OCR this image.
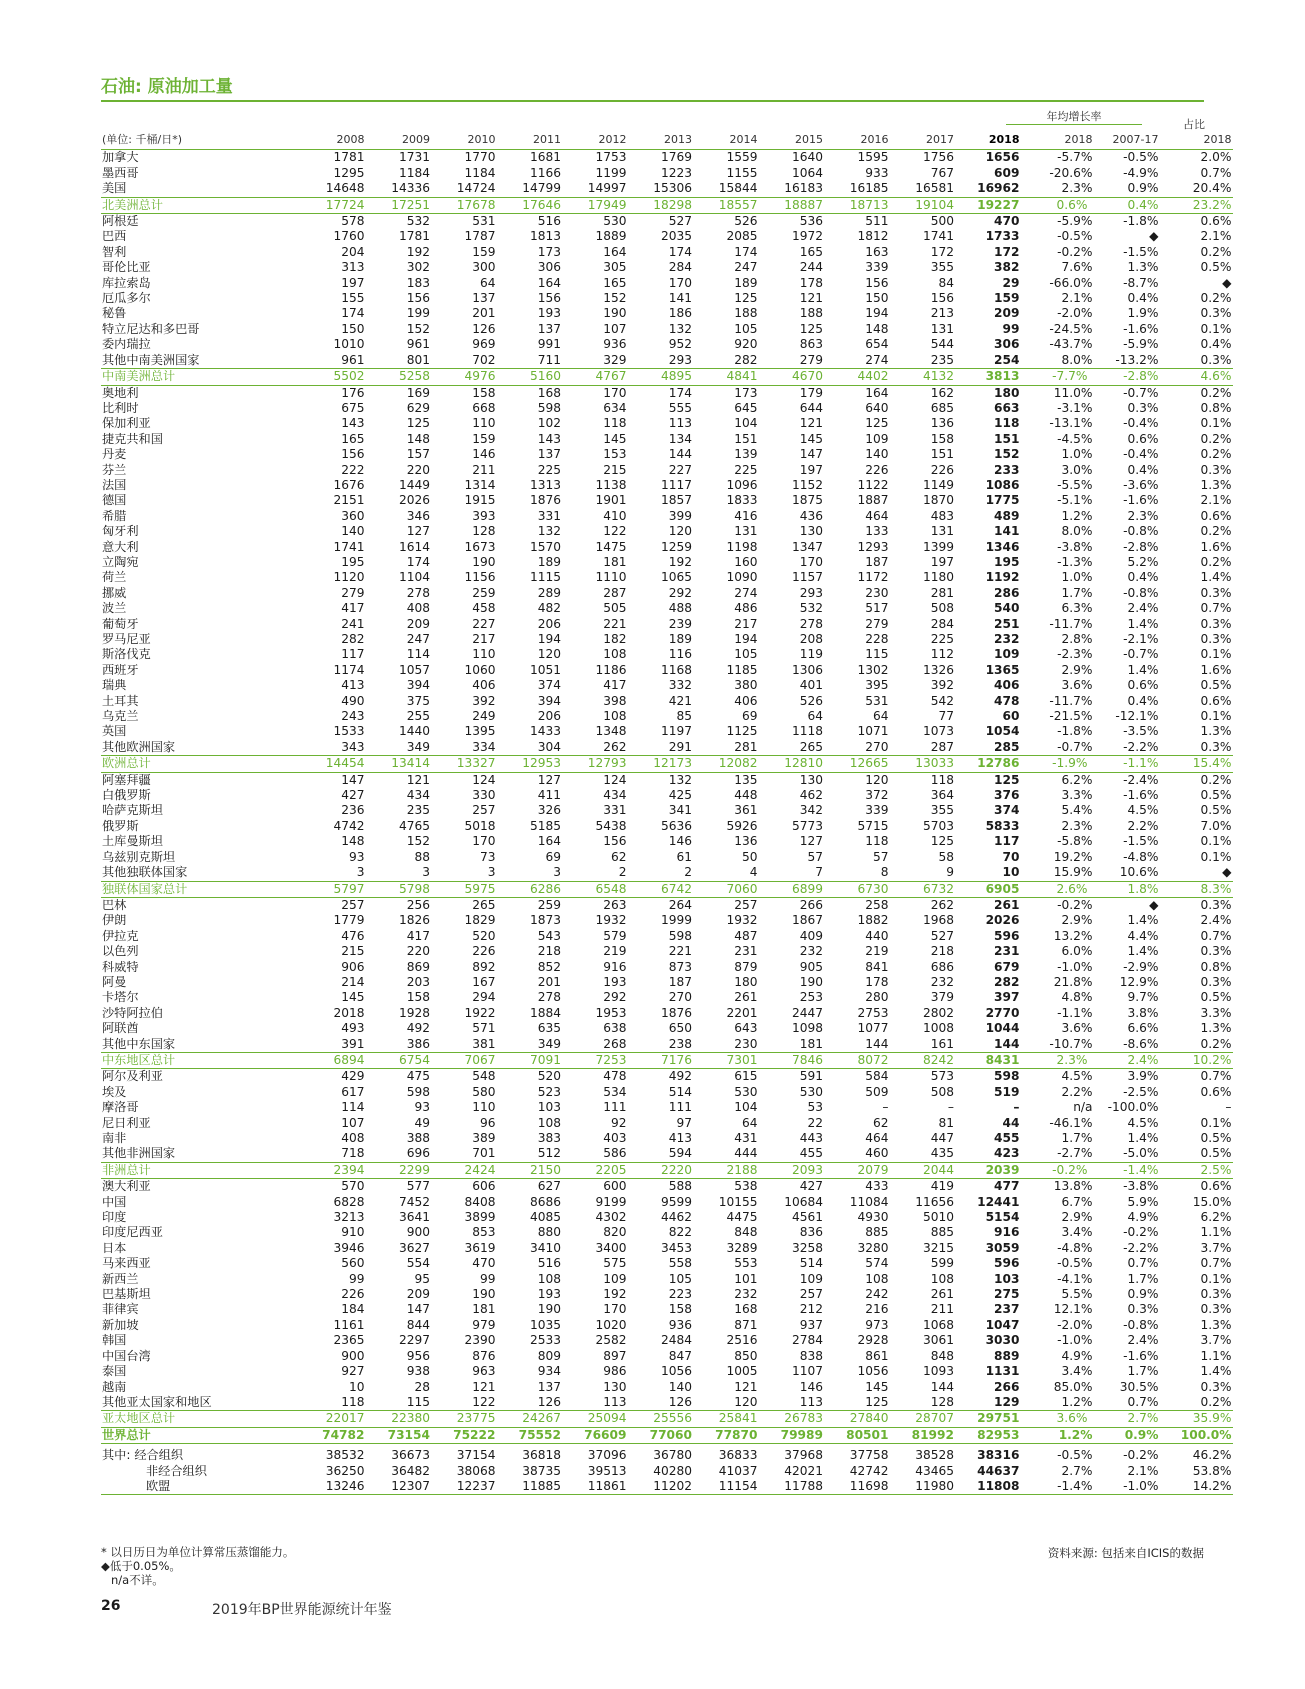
石油: 原油加工量
年均增长率
占比
(单位: 千桶/日*)	2008	2009	2010	2011	2012	2013	2014	2015	2016	2017	2018	2018	2007-17	2018
加拿大	1781	1731	1770	1681	1753	1769	1559	1640	1595	1756	1656	-5.7%	-0.5%	2.0%
墨西哥	1295	1184	1184	1166	1199	1223	1155	1064	933	767	609	-20.6%	-4.9%	0.7%
美国	14648	14336	14724	14799	14997	15306	15844	16183	16185	16581	16962	2.3%	0.9%	20.4%
北美洲总计	17724	17251	17678	17646	17949	18298	18557	18887	18713	19104	19227	0.6%	0.4%	23.2%
阿根廷	578	532	531	516	530	527	526	536	511	500	470	-5.9%	-1.8%	0.6%
巴西	1760	1781	1787	1813	1889	2035	2085	1972	1812	1741	1733	-0.5%	◆	2.1%
智利	204	192	159	173	164	174	174	165	163	172	172	-0.2%	-1.5%	0.2%
哥伦比亚	313	302	300	306	305	284	247	244	339	355	382	7.6%	1.3%	0.5%
库拉索岛	197	183	64	164	165	170	189	178	156	84	29	-66.0%	-8.7%	◆
厄瓜多尔	155	156	137	156	152	141	125	121	150	156	159	2.1%	0.4%	0.2%
秘鲁	174	199	201	193	190	186	188	188	194	213	209	-2.0%	1.9%	0.3%
特立尼达和多巴哥	150	152	126	137	107	132	105	125	148	131	99	-24.5%	-1.6%	0.1%
委内瑞拉	1010	961	969	991	936	952	920	863	654	544	306	-43.7%	-5.9%	0.4%
其他中南美洲国家	961	801	702	711	329	293	282	279	274	235	254	8.0%	-13.2%	0.3%
中南美洲总计	5502	5258	4976	5160	4767	4895	4841	4670	4402	4132	3813	-7.7%	-2.8%	4.6%
奥地利	176	169	158	168	170	174	173	179	164	162	180	11.0%	-0.7%	0.2%
比利时	675	629	668	598	634	555	645	644	640	685	663	-3.1%	0.3%	0.8%
保加利亚	143	125	110	102	118	113	104	121	125	136	118	-13.1%	-0.4%	0.1%
捷克共和国	165	148	159	143	145	134	151	145	109	158	151	-4.5%	0.6%	0.2%
丹麦	156	157	146	137	153	144	139	147	140	151	152	1.0%	-0.4%	0.2%
芬兰	222	220	211	225	215	227	225	197	226	226	233	3.0%	0.4%	0.3%
法国	1676	1449	1314	1313	1138	1117	1096	1152	1122	1149	1086	-5.5%	-3.6%	1.3%
德国	2151	2026	1915	1876	1901	1857	1833	1875	1887	1870	1775	-5.1%	-1.6%	2.1%
希腊	360	346	393	331	410	399	416	436	464	483	489	1.2%	2.3%	0.6%
匈牙利	140	127	128	132	122	120	131	130	133	131	141	8.0%	-0.8%	0.2%
意大利	1741	1614	1673	1570	1475	1259	1198	1347	1293	1399	1346	-3.8%	-2.8%	1.6%
立陶宛	195	174	190	189	181	192	160	170	187	197	195	-1.3%	5.2%	0.2%
荷兰	1120	1104	1156	1115	1110	1065	1090	1157	1172	1180	1192	1.0%	0.4%	1.4%
挪威	279	278	259	289	287	292	274	293	230	281	286	1.7%	-0.8%	0.3%
波兰	417	408	458	482	505	488	486	532	517	508	540	6.3%	2.4%	0.7%
葡萄牙	241	209	227	206	221	239	217	278	279	284	251	-11.7%	1.4%	0.3%
罗马尼亚	282	247	217	194	182	189	194	208	228	225	232	2.8%	-2.1%	0.3%
斯洛伐克	117	114	110	120	108	116	105	119	115	112	109	-2.3%	-0.7%	0.1%
西班牙	1174	1057	1060	1051	1186	1168	1185	1306	1302	1326	1365	2.9%	1.4%	1.6%
瑞典	413	394	406	374	417	332	380	401	395	392	406	3.6%	0.6%	0.5%
土耳其	490	375	392	394	398	421	406	526	531	542	478	-11.7%	0.4%	0.6%
乌克兰	243	255	249	206	108	85	69	64	64	77	60	-21.5%	-12.1%	0.1%
英国	1533	1440	1395	1433	1348	1197	1125	1118	1071	1073	1054	-1.8%	-3.5%	1.3%
其他欧洲国家	343	349	334	304	262	291	281	265	270	287	285	-0.7%	-2.2%	0.3%
欧洲总计	14454	13414	13327	12953	12793	12173	12082	12810	12665	13033	12786	-1.9%	-1.1%	15.4%
阿塞拜疆	147	121	124	127	124	132	135	130	120	118	125	6.2%	-2.4%	0.2%
白俄罗斯	427	434	330	411	434	425	448	462	372	364	376	3.3%	-1.6%	0.5%
哈萨克斯坦	236	235	257	326	331	341	361	342	339	355	374	5.4%	4.5%	0.5%
俄罗斯	4742	4765	5018	5185	5438	5636	5926	5773	5715	5703	5833	2.3%	2.2%	7.0%
土库曼斯坦	148	152	170	164	156	146	136	127	118	125	117	-5.8%	-1.5%	0.1%
乌兹别克斯坦	93	88	73	69	62	61	50	57	57	58	70	19.2%	-4.8%	0.1%
其他独联体国家	3	3	3	3	2	2	4	7	8	9	10	15.9%	10.6%	◆
独联体国家总计	5797	5798	5975	6286	6548	6742	7060	6899	6730	6732	6905	2.6%	1.8%	8.3%
巴林	257	256	265	259	263	264	257	266	258	262	261	-0.2%	◆	0.3%
伊朗	1779	1826	1829	1873	1932	1999	1932	1867	1882	1968	2026	2.9%	1.4%	2.4%
伊拉克	476	417	520	543	579	598	487	409	440	527	596	13.2%	4.4%	0.7%
以色列	215	220	226	218	219	221	231	232	219	218	231	6.0%	1.4%	0.3%
科威特	906	869	892	852	916	873	879	905	841	686	679	-1.0%	-2.9%	0.8%
阿曼	214	203	167	201	193	187	180	190	178	232	282	21.8%	12.9%	0.3%
卡塔尔	145	158	294	278	292	270	261	253	280	379	397	4.8%	9.7%	0.5%
沙特阿拉伯	2018	1928	1922	1884	1953	1876	2201	2447	2753	2802	2770	-1.1%	3.8%	3.3%
阿联酋	493	492	571	635	638	650	643	1098	1077	1008	1044	3.6%	6.6%	1.3%
其他中东国家	391	386	381	349	268	238	230	181	144	161	144	-10.7%	-8.6%	0.2%
中东地区总计	6894	6754	7067	7091	7253	7176	7301	7846	8072	8242	8431	2.3%	2.4%	10.2%
阿尔及利亚	429	475	548	520	478	492	615	591	584	573	598	4.5%	3.9%	0.7%
埃及	617	598	580	523	534	514	530	530	509	508	519	2.2%	-2.5%	0.6%
摩洛哥	114	93	110	103	111	111	104	53	–	–	–	n/a	-100.0%	–
尼日利亚	107	49	96	108	92	97	64	22	62	81	44	-46.1%	4.5%	0.1%
南非	408	388	389	383	403	413	431	443	464	447	455	1.7%	1.4%	0.5%
其他非洲国家	718	696	701	512	586	594	444	455	460	435	423	-2.7%	-5.0%	0.5%
非洲总计	2394	2299	2424	2150	2205	2220	2188	2093	2079	2044	2039	-0.2%	-1.4%	2.5%
澳大利亚	570	577	606	627	600	588	538	427	433	419	477	13.8%	-3.8%	0.6%
中国	6828	7452	8408	8686	9199	9599	10155	10684	11084	11656	12441	6.7%	5.9%	15.0%
印度	3213	3641	3899	4085	4302	4462	4475	4561	4930	5010	5154	2.9%	4.9%	6.2%
印度尼西亚	910	900	853	880	820	822	848	836	885	885	916	3.4%	-0.2%	1.1%
日本	3946	3627	3619	3410	3400	3453	3289	3258	3280	3215	3059	-4.8%	-2.2%	3.7%
马来西亚	560	554	470	516	575	558	553	514	574	599	596	-0.5%	0.7%	0.7%
新西兰	99	95	99	108	109	105	101	109	108	108	103	-4.1%	1.7%	0.1%
巴基斯坦	226	209	190	193	192	223	232	257	242	261	275	5.5%	0.9%	0.3%
菲律宾	184	147	181	190	170	158	168	212	216	211	237	12.1%	0.3%	0.3%
新加坡	1161	844	979	1035	1020	936	871	937	973	1068	1047	-2.0%	-0.8%	1.3%
韩国	2365	2297	2390	2533	2582	2484	2516	2784	2928	3061	3030	-1.0%	2.4%	3.7%
中国台湾	900	956	876	809	897	847	850	838	861	848	889	4.9%	-1.6%	1.1%
泰国	927	938	963	934	986	1056	1005	1107	1056	1093	1131	3.4%	1.7%	1.4%
越南	10	28	121	137	130	140	121	146	145	144	266	85.0%	30.5%	0.3%
其他亚太国家和地区	118	115	122	126	113	126	120	113	125	128	129	1.2%	0.7%	0.2%
亚太地区总计	22017	22380	23775	24267	25094	25556	25841	26783	27840	28707	29751	3.6%	2.7%	35.9%
世界总计	74782	73154	75222	75552	76609	77060	77870	79989	80501	81992	82953	1.2%	0.9%	100.0%
其中: 经合组织	38532	36673	37154	36818	37096	36780	36833	37968	37758	38528	38316	-0.5%	-0.2%	46.2%
非经合组织	36250	36482	38068	38735	39513	40280	41037	42021	42742	43465	44637	2.7%	2.1%	53.8%
欧盟	13246	12307	12237	11885	11861	11202	11154	11788	11698	11980	11808	-1.4%	-1.0%	14.2%
* 以日历日为单位计算常压蒸馏能力。
◆低于0.05%。
n/a不详。
资料来源: 包括来自ICIS的数据
26	2019年BP世界能源统计年鉴
